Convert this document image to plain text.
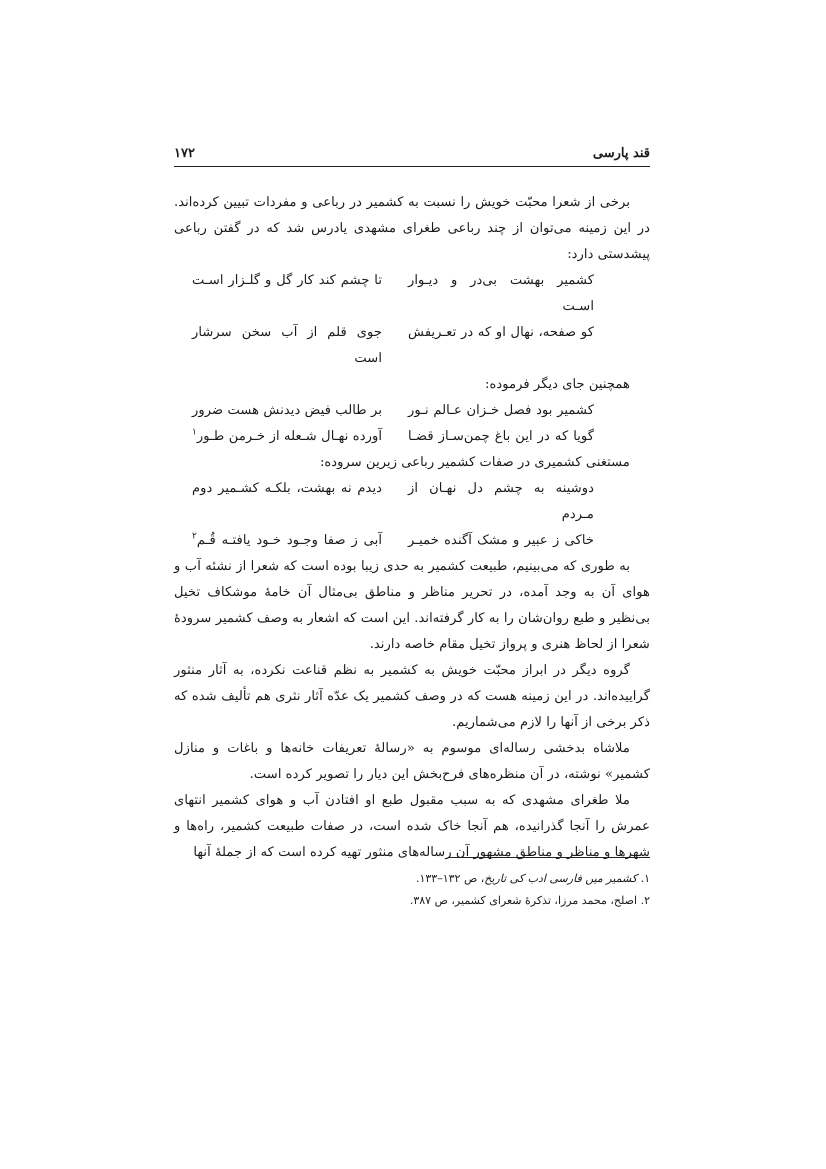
قند پارسی
۱۷۲

برخی از شعرا محبّت خویش را نسبت به کشمیر در رباعی و مفردات تبیین کرده‌اند. در این زمینه می‌توان از چند رباعی طغرای مشهدی یادرس شد که در گفتن رباعی پیشدستی دارد:

کشمیر بهشت بی‌در و دیـوار اسـت
تا چشم کند کار گل و گلـزار اسـت
کو صفحه، نهال او که در تعـریفش
جوی قلم از آب سخن سرشار است

همچنین جای دیگر فرموده:

کشمیر بود فصل خـزان عـالم نـور
بر طالب فیض دیدنش هست ضرور
گویا که در این باغ چمن‌سـاز قضـا
آورده نهـال شـعله از خـرمن طـور$^۱$

مستغنی کشمیری در صفات کشمیر رباعی زیرین سروده:

دوشینه به چشم دل نهـان از مـردم
دیدم نه بهشت، بلکـه کشـمیر دوم
خاکی ز عبیر و مشک آگنده خمیـر
آبی ز صفا وجـود خـود یافتـه قُـم$^۲$

به طوری که می‌بینیم، طبیعت کشمیر به حدی زیبا بوده است که شعرا از نشئه آب و هوای آن به وجد آمده، در تحریر مناظر و مناطق بی‌مثال آن خامهٔ موشکاف تخیل بی‌نظیر و طبع روان‌شان را به کار گرفته‌اند. این است که اشعار به وصف کشمیر سرودهٔ شعرا از لحاظ هنری و پرواز تخیل مقام خاصه دارند.

گروه دیگر در ابراز محبّت خویش به کشمیر به نظم قناعت نکرده، به آثار منثور گراییده‌اند. در این زمینه هست که در وصف کشمیر یک عدّه آثار نثری هم تألیف شده که ذکر برخی از آنها را لازم می‌شماریم.

ملاشاه بدخشی رساله‌ای موسوم به «رسالهٔ تعریفات خانه‌ها و باغات و منازل کشمیر» نوشته، در آن منظره‌های فرح‌بخش این دیار را تصویر کرده است.

ملا طغرای مشهدی که به سبب مقبول طبع او افتادن آب و هوای کشمیر انتهای عمرش را آنجا گذرانیده، هم آنجا خاک شده است، در صفات طبیعت کشمیر، راه‌ها و شهرها و مناظر و مناطق مشهور آن رساله‌های منثور تهیه کرده است که از جملهٔ آنها

۱. کشمیر میں فارسی ادب کی تاریخ، ص ۱۳۲–۱۳۳.

۲. اصلح، محمد مرزا، تذکرهٔ شعرای کشمیر، ص ۳۸۷.
